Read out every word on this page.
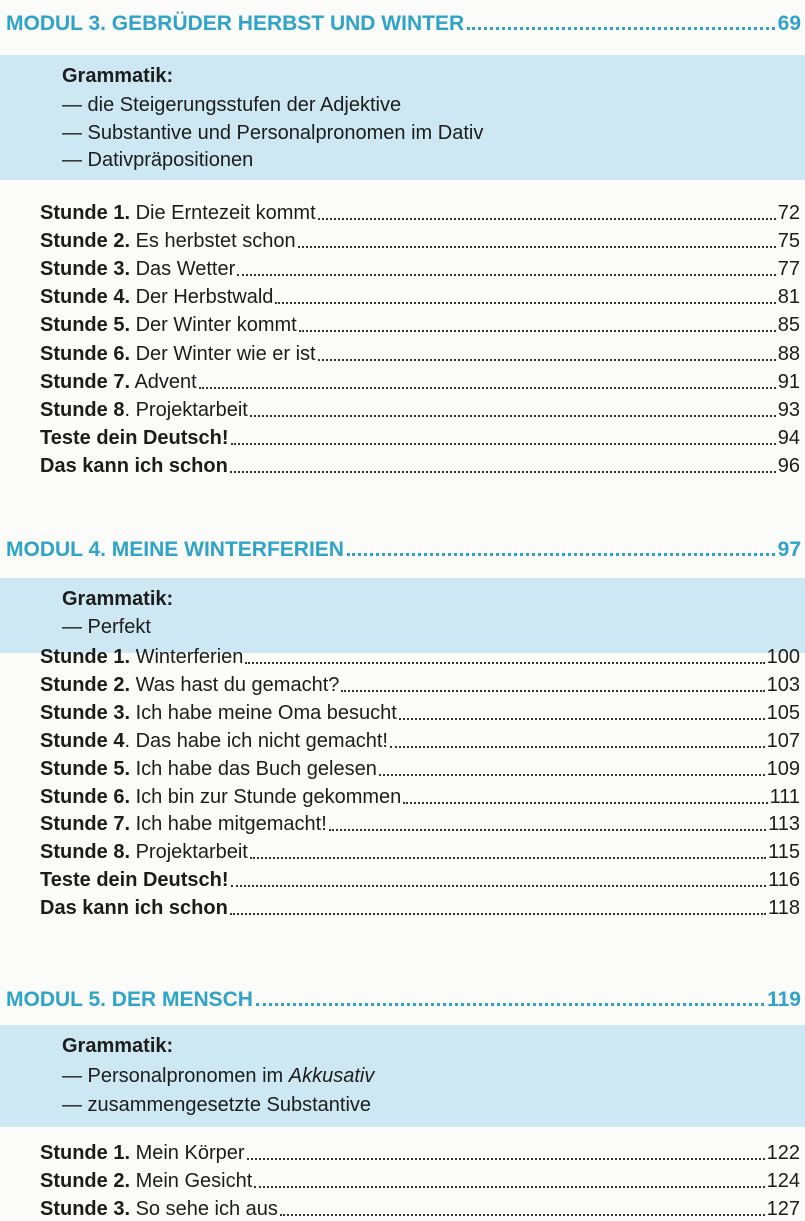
MODUL 3. GEBRÜDER HERBST UND WINTER	69
Grammatik:
— die Steigerungsstufen der Adjektive
— Substantive und Personalpronomen im Dativ
— Dativpräpositionen
Stunde 1. Die Erntezeit kommt	72
Stunde 2. Es herbstet schon	75
Stunde 3. Das Wetter	77
Stunde 4. Der Herbstwald	81
Stunde 5. Der Winter kommt	85
Stunde 6. Der Winter wie er ist	88
Stunde 7. Advent	91
Stunde 8. Projektarbeit	93
Teste dein Deutsch!	94
Das kann ich schon	96
MODUL 4. MEINE WINTERFERIEN	97
Grammatik:
— Perfekt
Stunde 1. Winterferien	100
Stunde 2. Was hast du gemacht?	103
Stunde 3. Ich habe meine Oma besucht	105
Stunde 4. Das habe ich nicht gemacht!	107
Stunde 5. Ich habe das Buch gelesen	109
Stunde 6. Ich bin zur Stunde gekommen	111
Stunde 7. Ich habe mitgemacht!	113
Stunde 8. Projektarbeit	115
Teste dein Deutsch!	116
Das kann ich schon	118
MODUL 5. DER MENSCH	119
Grammatik:
— Personalpronomen im Akkusativ
— zusammengesetzte Substantive
Stunde 1. Mein Körper	122
Stunde 2. Mein Gesicht	124
Stunde 3. So sehe ich aus	127
